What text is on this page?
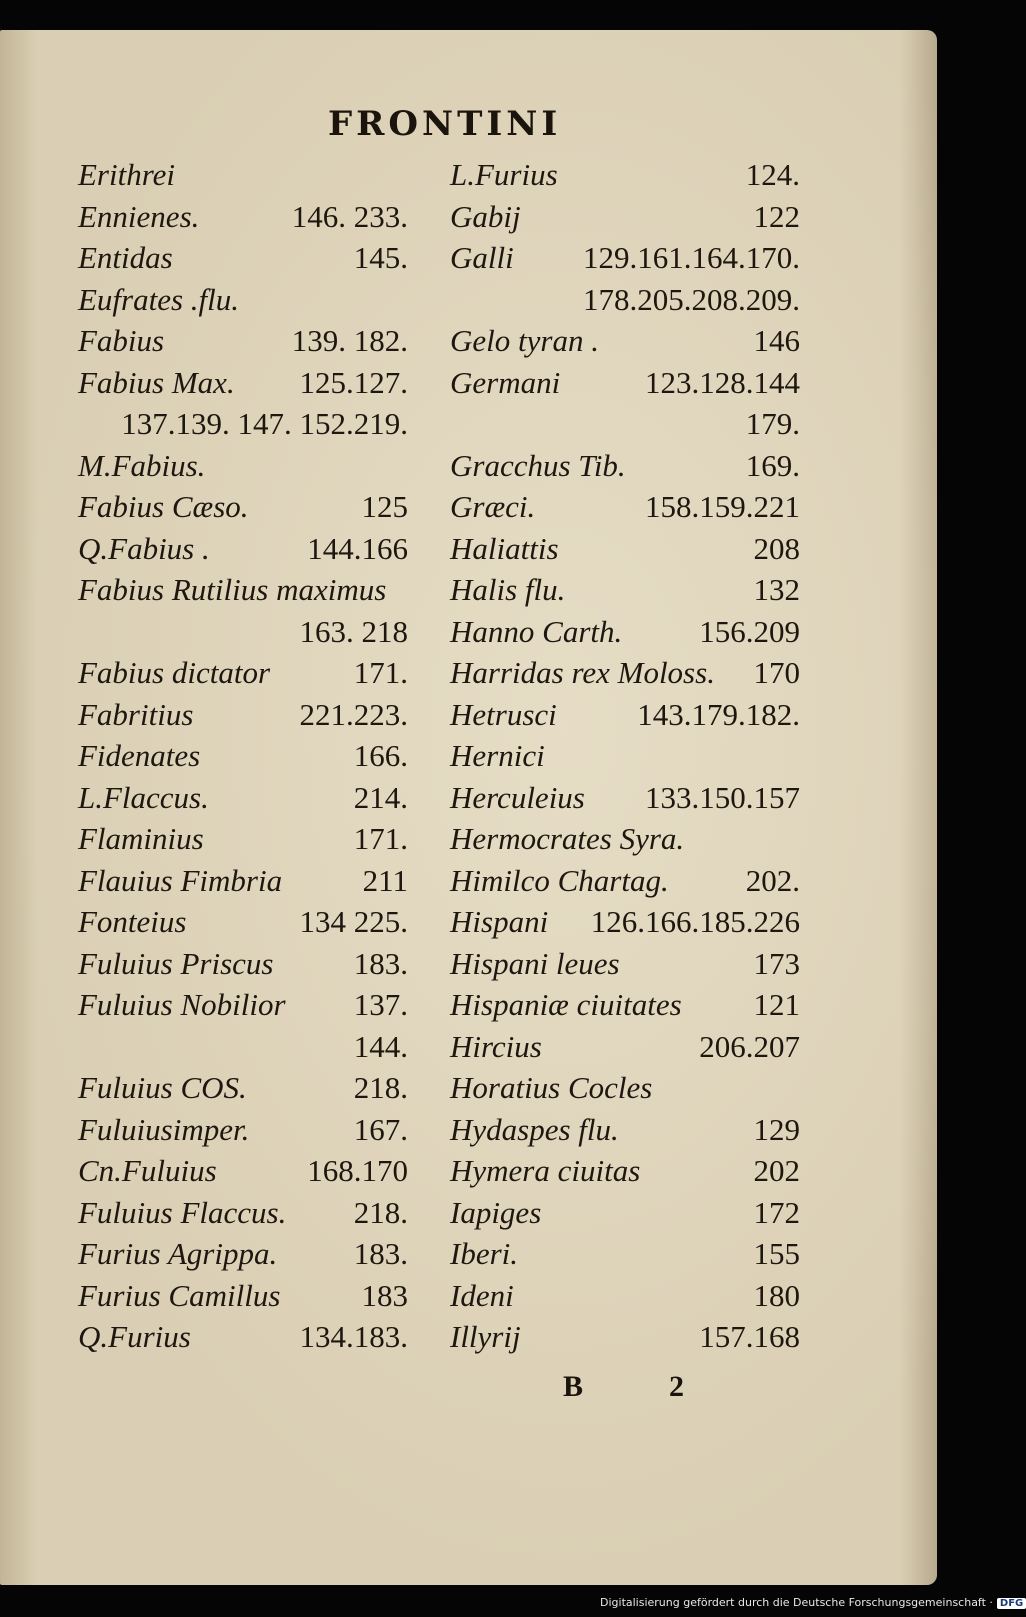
FRONTINI
Erithrei
Ennienes.	146. 233.
Entidas	145.
Eufrates .flu.
Fabius	139. 182.
Fabius Max. 125.127.
137.139. 147. 152.219.
M.Fabius.
Fabius Cæso.	125
Q.Fabius .	144.166
Fabius Rutilius maximus
163. 218
Fabius dictator	171.
Fabritius	221.223.
Fidenates	166.
L.Flaccus.	214.
Flaminius	171.
Flauius Fimbria	211
Fonteius	134 225.
Fuluius Priscus	183.
Fuluius Nobilior 137.
144.
Fuluius COS.	218.
Fuluiusimper.	167.
Cn.Fuluius	168.170
Fuluius Flaccus. 218.
Furius Agrippa. 183.
Furius Camillus	183
Q.Furius	134.183.
L.Furius	124.
Gabij	122
Galli 129.161.164.170.
178.205.208.209.
Gelo tyran .	146
Germani	123.128.144
179.
Gracchus Tib.	169.
Græci.	158.159.221
Haliattis	208
Halis flu.	132
Hanno Carth. 156.209
Harridas rex Moloss. 170
Hetrusci	143.179.182.
Hernici
Herculeius 133.150.157
Hermocrates Syra.
Himilco Chartag. 202.
Hispani 126.166.185.226
Hispani leues	173
Hispaniæ ciuitates 121
Hircius	206.207
Horatius Cocles
Hydaspes flu.	129
Hymera ciuitas	202
Iapiges	172
Iberi.	155
Ideni	180
Illyrij	157.168
B	2
Digitalisierung gefördert durch die Deutsche Forschungsgemeinschaft · DFG
